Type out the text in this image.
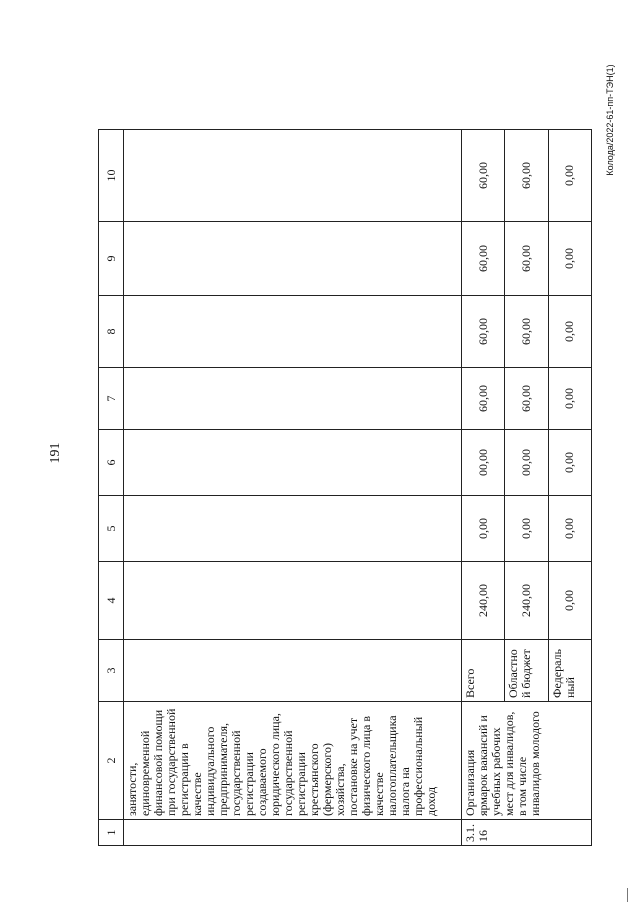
191
Колода/2022-61-пп-ТЭН(1)
1	2	3	4	5	6	7	8	9	10
	занятости, единовременной финансовой помощи при государственной регистрации в качестве индивидуального предпринимателя, государственной регистрации создаваемого юридического лица, государственной регистрации крестьянского (фермерского) хозяйства, постановке на учет физического лица в качестве налогоплательщика налога на профессиональный доход								
3.1.16	Организация ярмарок вакансий и учебных рабочих мест для инвалидов, в том числе инвалидов молодого	Всего	240,00	0,00	00,00	60,00	60,00	60,00	60,00
		Областной бюджет	240,00	0,00	00,00	60,00	60,00	60,00	60,00
		Федеральный	0,00	0,00	0,00	0,00	0,00	0,00	0,00
